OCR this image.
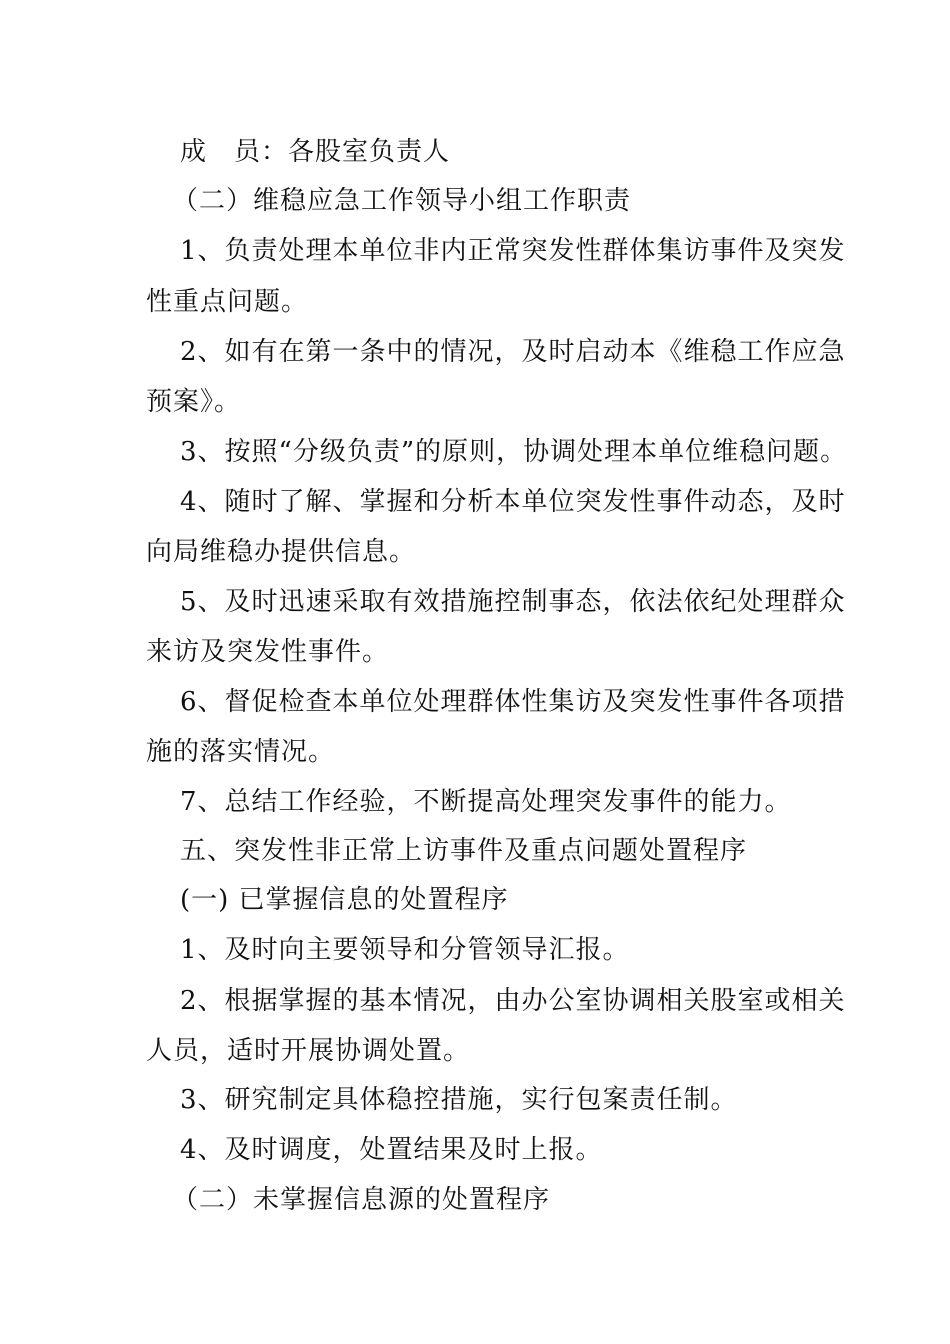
成　员：各股室负责人
（二）维稳应急工作领导小组工作职责
1、负责处理本单位非内正常突发性群体集访事件及突发
性重点问题。
2、如有在第一条中的情况，及时启动本《维稳工作应急
预案》。
3、按照“分级负责”的原则，协调处理本单位维稳问题。
4、随时了解、掌握和分析本单位突发性事件动态，及时
向局维稳办提供信息。
5、及时迅速采取有效措施控制事态，依法依纪处理群众
来访及突发性事件。
6、督促检查本单位处理群体性集访及突发性事件各项措
施的落实情况。
7、总结工作经验，不断提高处理突发事件的能力。
五、突发性非正常上访事件及重点问题处置程序
(一) 已掌握信息的处置程序
1、及时向主要领导和分管领导汇报。
2、根据掌握的基本情况，由办公室协调相关股室或相关
人员，适时开展协调处置。
3、研究制定具体稳控措施，实行包案责任制。
4、及时调度，处置结果及时上报。
（二）未掌握信息源的处置程序
